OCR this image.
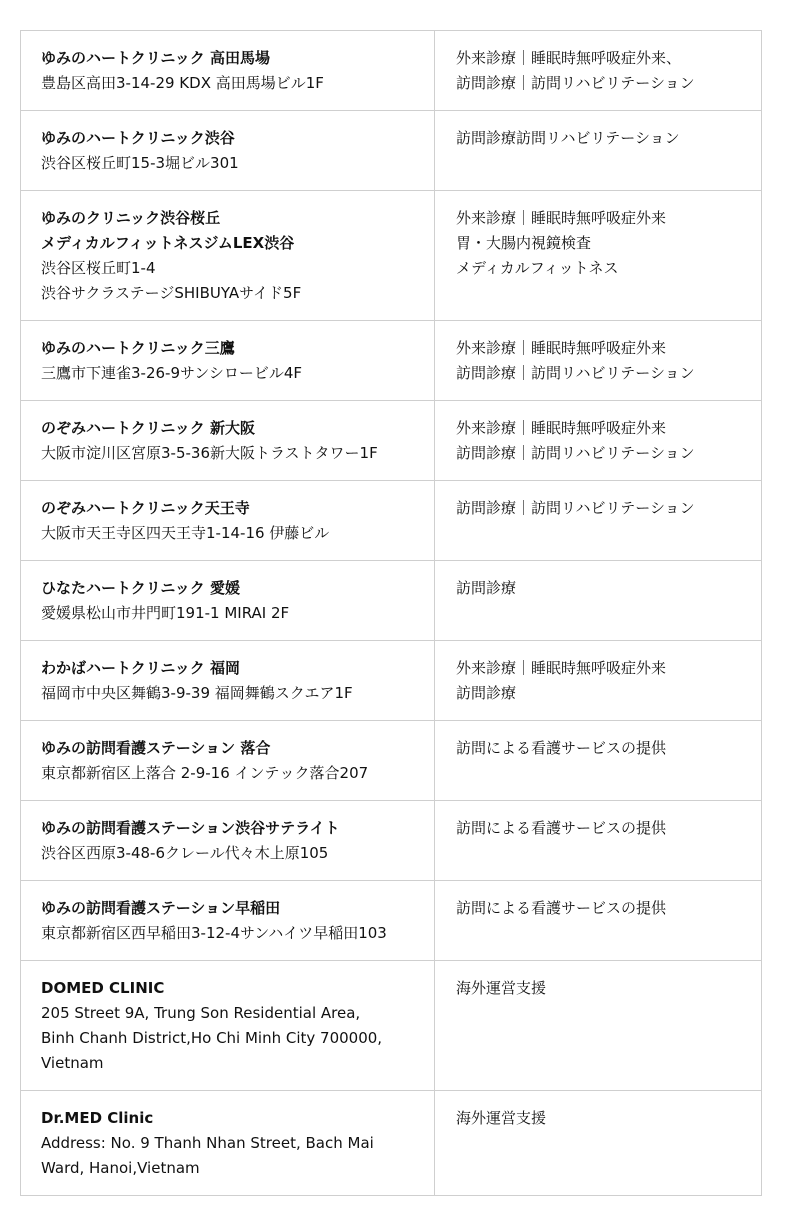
ゆみのハートクリニック 高田馬場
豊島区高田3-14-29 KDX 高田馬場ビル1F
外来診療｜睡眠時無呼吸症外来、
訪問診療｜訪問リハビリテーション
ゆみのハートクリニック渋谷
渋谷区桜丘町15-3堀ビル301
訪問診療訪問リハビリテーション
ゆみのクリニック渋谷桜丘
メディカルフィットネスジムLEX渋谷
渋谷区桜丘町1-4
渋谷サクラステージSHIBUYAサイド5F
外来診療｜睡眠時無呼吸症外来
胃・大腸内視鏡検査
メディカルフィットネス
ゆみのハートクリニック三鷹
三鷹市下連雀3-26-9サンシロービル4F
外来診療｜睡眠時無呼吸症外来
訪問診療｜訪問リハビリテーション
のぞみハートクリニック 新大阪
大阪市淀川区宮原3-5-36新大阪トラストタワー1F
外来診療｜睡眠時無呼吸症外来
訪問診療｜訪問リハビリテーション
のぞみハートクリニック天王寺
大阪市天王寺区四天王寺1-14-16 伊藤ビル
訪問診療｜訪問リハビリテーション
ひなたハートクリニック 愛媛
愛媛県松山市井門町191-1 MIRAI 2F
訪問診療
わかばハートクリニック 福岡
福岡市中央区舞鶴3-9-39 福岡舞鶴スクエア1F
外来診療｜睡眠時無呼吸症外来
訪問診療
ゆみの訪問看護ステーション 落合
東京都新宿区上落合 2-9-16 インテック落合207
訪問による看護サービスの提供
ゆみの訪問看護ステーション渋谷サテライト
渋谷区西原3-48-6クレール代々木上原105
訪問による看護サービスの提供
ゆみの訪問看護ステーション早稲田
東京都新宿区西早稲田3-12-4サンハイツ早稲田103
訪問による看護サービスの提供
DOMED CLINIC
205 Street 9A, Trung Son Residential Area,
Binh Chanh District,Ho Chi Minh City 700000,
Vietnam
海外運営支援
Dr.MED Clinic
Address: No. 9 Thanh Nhan Street, Bach Mai
Ward, Hanoi,Vietnam
海外運営支援
